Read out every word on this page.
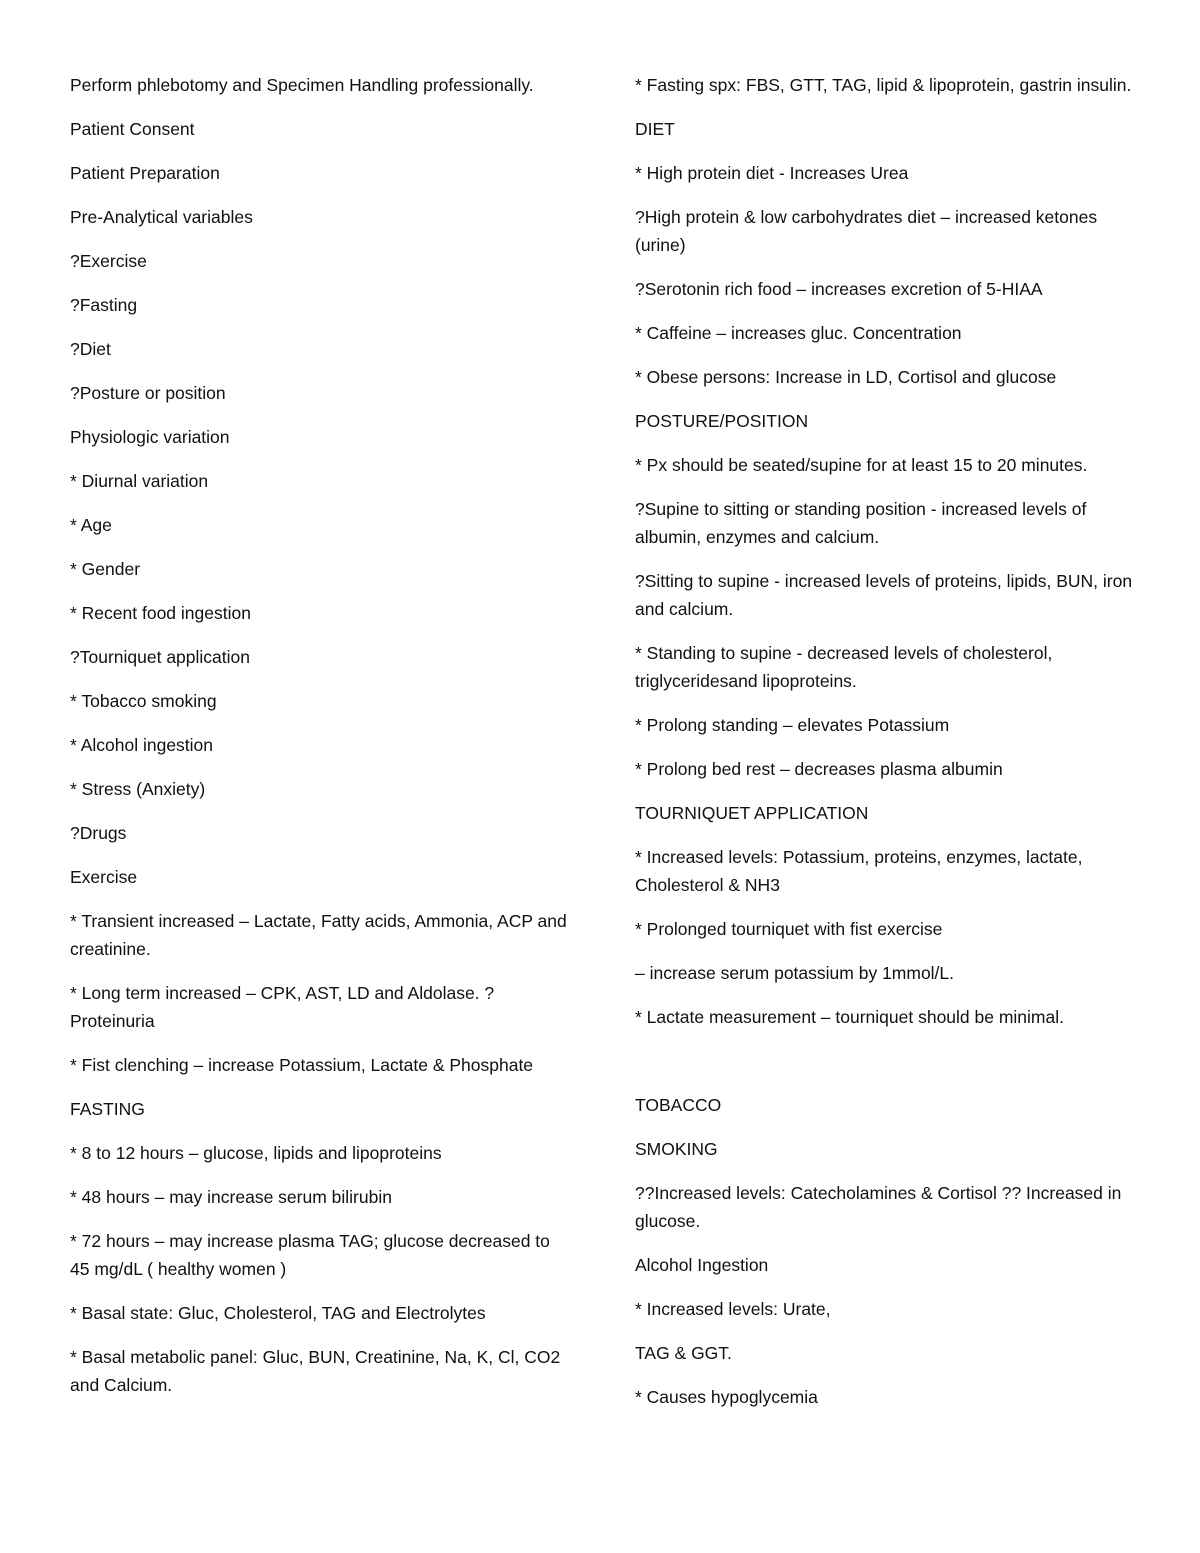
Perform phlebotomy and Specimen Handling professionally.

Patient Consent

Patient Preparation

Pre-Analytical variables

?Exercise

?Fasting

?Diet

?Posture or position

Physiologic variation

* Diurnal variation

* Age

* Gender

* Recent food ingestion

?Tourniquet application

* Tobacco smoking

* Alcohol ingestion

* Stress (Anxiety)

?Drugs

Exercise

* Transient increased – Lactate, Fatty acids, Ammonia, ACP and creatinine.

* Long term increased – CPK, AST, LD and Aldolase. ? Proteinuria

* Fist clenching – increase Potassium, Lactate & Phosphate

FASTING

* 8 to 12 hours – glucose, lipids and lipoproteins

* 48 hours – may increase serum bilirubin

* 72 hours – may increase plasma TAG; glucose decreased to 45 mg/dL ( healthy women )

* Basal state: Gluc, Cholesterol, TAG and Electrolytes

* Basal metabolic panel: Gluc, BUN, Creatinine, Na, K, Cl, CO2 and Calcium.

* Fasting spx: FBS, GTT, TAG, lipid & lipoprotein, gastrin insulin.

DIET

* High protein diet - Increases Urea

?High protein & low carbohydrates diet – increased ketones (urine)

?Serotonin rich food – increases excretion of 5-HIAA

* Caffeine – increases gluc. Concentration

* Obese persons: Increase in LD, Cortisol and glucose

POSTURE/POSITION

* Px should be seated/supine for at least 15 to 20 minutes.

?Supine to sitting or standing position - increased levels of albumin, enzymes and calcium.

?Sitting to supine - increased levels of proteins, lipids, BUN, iron and calcium.

* Standing to supine - decreased levels of cholesterol, triglyceridesand lipoproteins.

* Prolong standing – elevates Potassium

* Prolong bed rest – decreases plasma albumin

TOURNIQUET APPLICATION

* Increased levels: Potassium, proteins, enzymes, lactate, Cholesterol & NH3

* Prolonged tourniquet with fist exercise

– increase serum potassium by 1mmol/L.

* Lactate measurement – tourniquet should be minimal.

TOBACCO

SMOKING

??Increased levels: Catecholamines & Cortisol ?? Increased in glucose.

Alcohol Ingestion

* Increased levels: Urate,

TAG & GGT.

* Causes hypoglycemia
